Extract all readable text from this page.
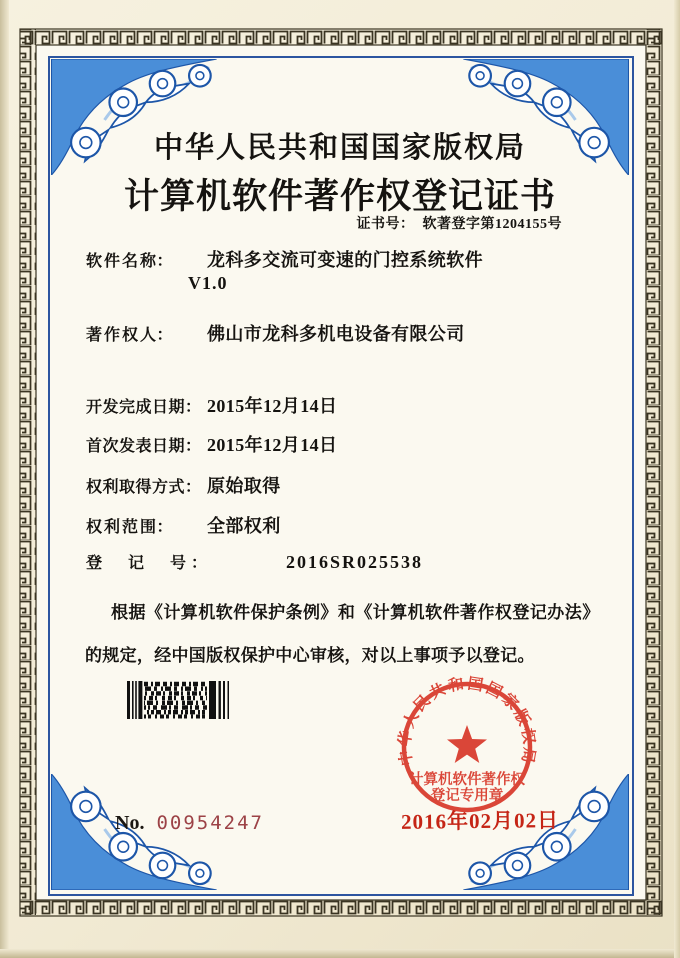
中华人民共和国国家版权局
计算机软件著作权登记证书
证书号： 软著登字第1204155号
软 件 名 称： 龙科多交流可变速的门控系统软件
V1.0
著 作 权 人： 佛山市龙科多机电设备有限公司
开发完成日期： 2015年12月14日
首次发表日期： 2015年12月14日
权利取得方式： 原始取得
权 利 范 围： 全部权利
登　记　号：	2016SR025538
根据《计算机软件保护条例》和《计算机软件著作权登记办法》的规定，经中国版权保护中心审核，对以上事项予以登记。
中华人民共和国国家版权局
计算机软件著作权
登记专用章
2016年02月02日
No. 00954247
